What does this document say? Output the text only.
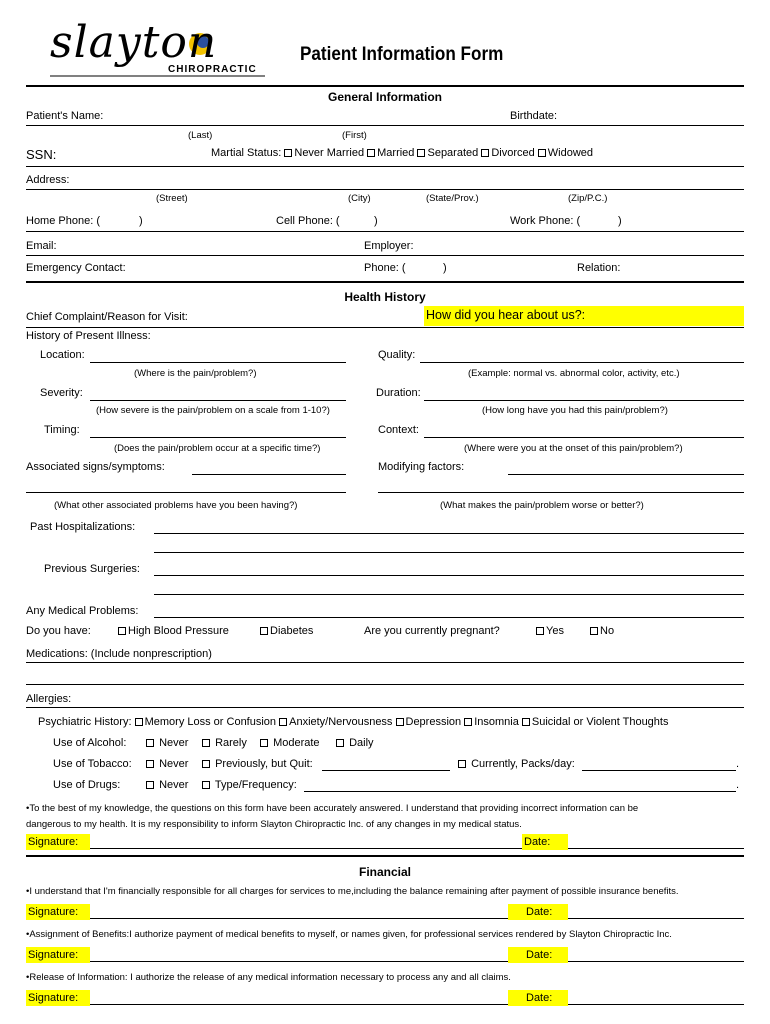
slayton
CHIROPRACTIC
Patient Information Form
General Information
Patient's Name:	Birthdate:
(Last)	(First)
SSN:	Martial Status: Never Married Married Separated Divorced Widowed
Address:
(Street)	(City)	(State/Prov.)	(Zip/P.C.)
Home Phone: (	)	Cell Phone: (	)	Work Phone: (	)
Email:	Employer:
Emergency Contact:	Phone: (	)	Relation:
Health History
Chief Complaint/Reason for Visit:	How did you hear about us?:
History of Present Illness:
Location:	Quality:
(Where is the pain/problem?)	(Example: normal vs. abnormal color, activity, etc.)
Severity:	Duration:
(How severe is the pain/problem on a scale from 1-10?)	(How long have you had this pain/problem?)
Timing:	Context:
(Does the pain/problem occur at a specific time?)	(Where were you at the onset of this pain/problem?)
Associated signs/symptoms:	Modifying factors:
(What other associated problems have you been having?)	(What makes the pain/problem worse or better?)
Past Hospitalizations:
Previous Surgeries:
Any Medical Problems:
Do you have:	High Blood Pressure	Diabetes	Are you currently pregnant?	Yes	No
Medications: (Include nonprescription)
Allergies:
Psychiatric History: Memory Loss or Confusion Anxiety/Nervousness Depression Insomnia Suicidal or Violent Thoughts
Use of Alcohol:	Never	Rarely	Moderate	Daily
Use of Tobacco:	Never	Previously, but Quit:	Currently, Packs/day:	.
Use of Drugs:	Never	Type/Frequency:	.
•To the best of my knowledge, the questions on this form have been accurately answered. I understand that providing incorrect information can be
dangerous to my health. It is my responsibility to inform Slayton Chiropractic Inc. of any changes in my medical status.
Signature:	Date:
Financial
•I understand that I'm financially responsible for all charges for services to me,including the balance remaining after payment of possible insurance benefits.
Signature:	Date:
•Assignment of Benefits:I authorize payment of medical benefits to myself, or names given, for professional services rendered by Slayton Chiropractic Inc.
Signature:	Date:
•Release of Information: I authorize the release of any medical information necessary to process any and all claims.
Signature:	Date:
